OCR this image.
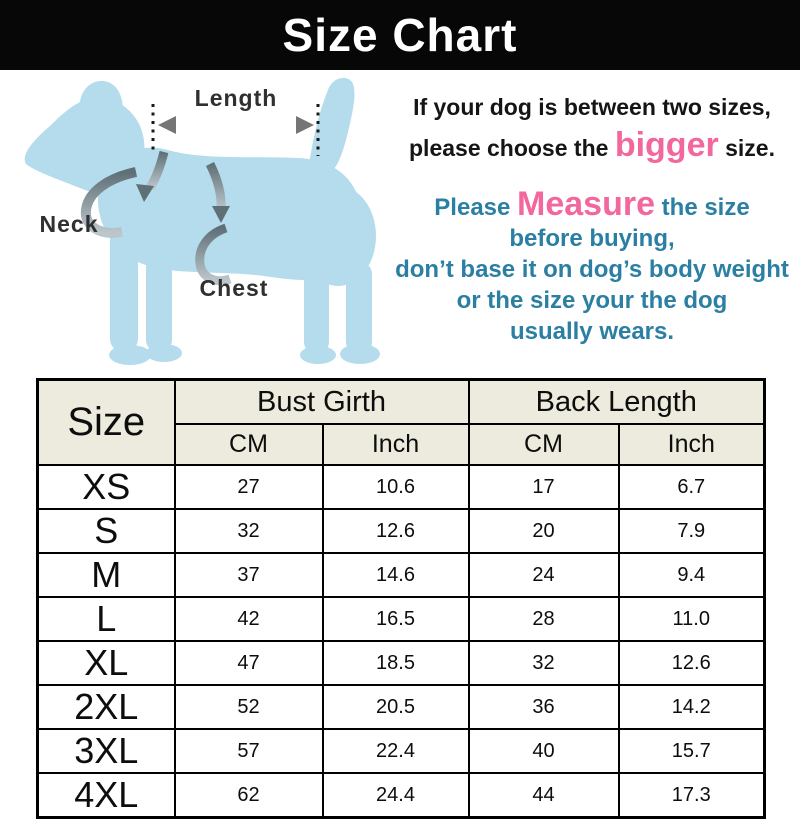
Size Chart
Length
Neck
Chest
If your dog is between two sizes,
please choose the bigger size.
Please Measure the size
before buying,
don’t base it on dog’s body weight
or the size your the dog
usually wears.
Size	Bust Girth		Back Length	
	CM	Inch	CM	Inch
XS	27	10.6	17	6.7
S	32	12.6	20	7.9
M	37	14.6	24	9.4
L	42	16.5	28	11.0
XL	47	18.5	32	12.6
2XL	52	20.5	36	14.2
3XL	57	22.4	40	15.7
4XL	62	24.4	44	17.3
